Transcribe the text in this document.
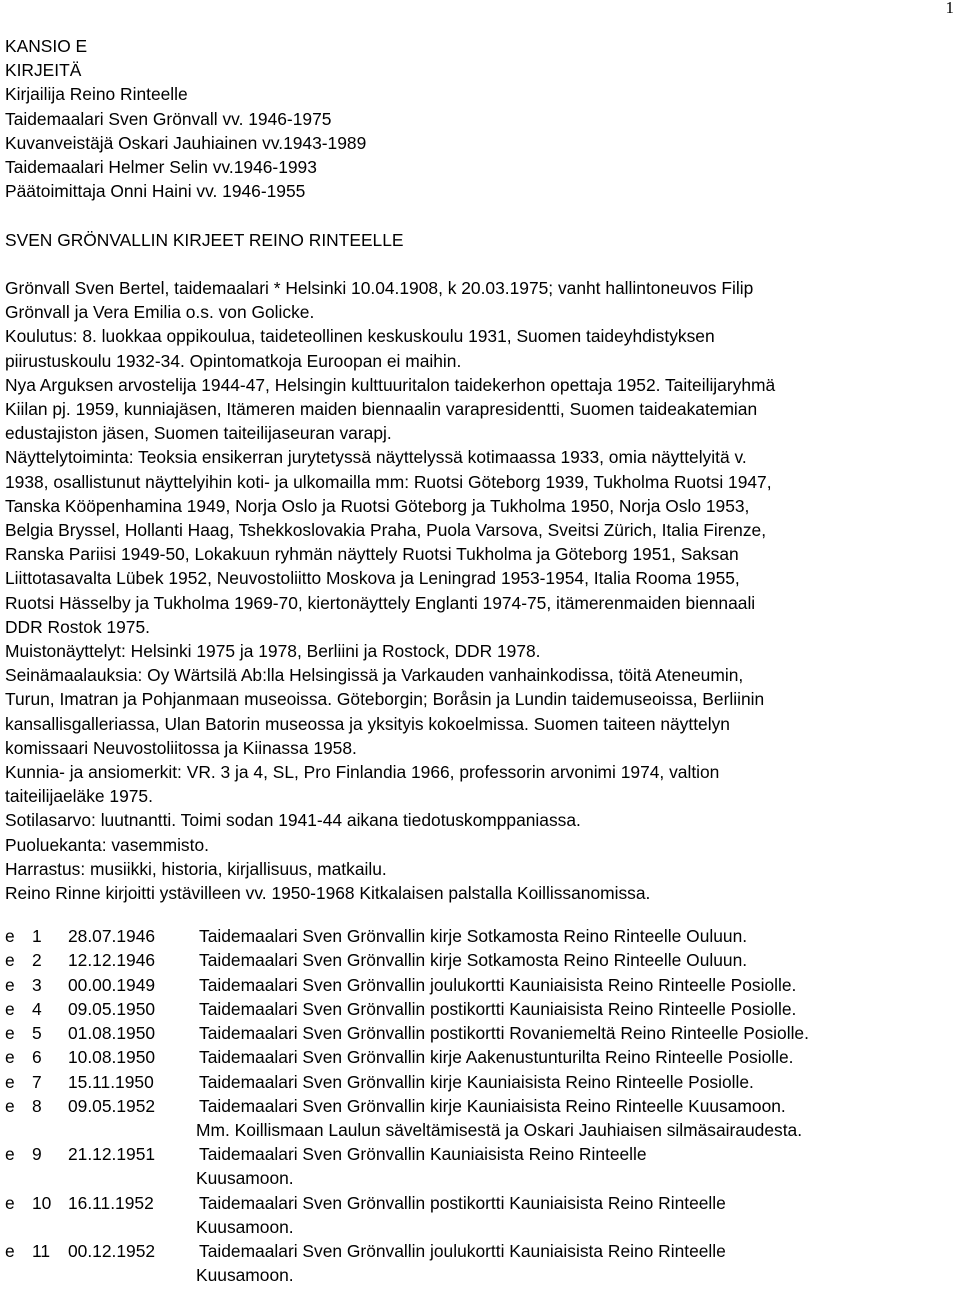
1

KANSIO E

KIRJEITÄ

Kirjailija Reino Rinteelle

Taidemaalari Sven Grönvall vv. 1946-1975

Kuvanveistäjä Oskari Jauhiainen vv.1943-1989

Taidemaalari Helmer Selin vv.1946-1993

Päätoimittaja Onni Haini vv. 1946-1955

SVEN GRÖNVALLIN KIRJEET REINO RINTEELLE

Grönvall Sven Bertel, taidemaalari * Helsinki 10.04.1908, k 20.03.1975; vanht hallintoneuvos Filip

Grönvall ja Vera Emilia o.s. von Golicke.

Koulutus: 8. luokkaa oppikoulua, taideteollinen keskuskoulu 1931, Suomen taideyhdistyksen

piirustuskoulu 1932-34. Opintomatkoja Euroopan ei maihin.

Nya Arguksen arvostelija 1944-47, Helsingin kulttuuritalon taidekerhon opettaja 1952. Taiteilijaryhmä

Kiilan pj. 1959, kunniajäsen, Itämeren maiden biennaalin varapresidentti, Suomen taideakatemian

edustajiston jäsen, Suomen taiteilijaseuran varapj.

Näyttelytoiminta: Teoksia ensikerran jurytetyssä näyttelyssä kotimaassa 1933, omia näyttelyitä v.

1938, osallistunut näyttelyihin koti- ja ulkomailla mm: Ruotsi Göteborg 1939, Tukholma Ruotsi 1947,

Tanska Kööpenhamina 1949, Norja Oslo ja Ruotsi Göteborg ja Tukholma 1950, Norja Oslo 1953,

Belgia Bryssel, Hollanti Haag, Tshekkoslovakia Praha, Puola Varsova, Sveitsi Zürich, Italia Firenze,

Ranska Pariisi 1949-50, Lokakuun ryhmän näyttely Ruotsi Tukholma ja Göteborg 1951, Saksan

Liittotasavalta Lübek 1952, Neuvostoliitto Moskova ja Leningrad 1953-1954, Italia Rooma 1955,

Ruotsi Hässelby ja Tukholma 1969-70, kiertonäyttely Englanti 1974-75, itämerenmaiden biennaali

DDR Rostok 1975.

Muistonäyttelyt: Helsinki 1975 ja 1978, Berliini ja Rostock, DDR 1978.

Seinämaalauksia: Oy Wärtsilä Ab:lla Helsingissä ja Varkauden vanhainkodissa, töitä Ateneumin,

Turun, Imatran ja Pohjanmaan museoissa. Göteborgin; Boråsin ja Lundin taidemuseoissa, Berliinin

kansallisgalleriassa, Ulan Batorin museossa ja yksityis kokoelmissa. Suomen taiteen näyttelyn

komissaari Neuvostoliitossa ja Kiinassa 1958.

Kunnia- ja ansiomerkit: VR. 3 ja 4, SL, Pro Finlandia 1966, professorin arvonimi 1974, valtion

taiteilijaeläke 1975.

Sotilasarvo: luutnantti. Toimi sodan 1941-44 aikana tiedotuskomppaniassa.

Puoluekanta: vasemmisto.

Harrastus: musiikki, historia, kirjallisuus, matkailu.

Reino Rinne kirjoitti ystävilleen vv. 1950-1968 Kitkalaisen palstalla Koillissanomissa.

e 1	28.07.1946	Taidemaalari Sven Grönvallin kirje Sotkamosta Reino Rinteelle Ouluun.
e 2	12.12.1946	Taidemaalari Sven Grönvallin kirje Sotkamosta Reino Rinteelle Ouluun.
e 3	00.00.1949	Taidemaalari Sven Grönvallin joulukortti Kauniaisista Reino Rinteelle Posiolle.
e 4	09.05.1950	Taidemaalari Sven Grönvallin postikortti Kauniaisista Reino Rinteelle Posiolle.
e 5	01.08.1950	Taidemaalari Sven Grönvallin postikortti Rovaniemeltä Reino Rinteelle Posiolle.
e 6	10.08.1950	Taidemaalari Sven Grönvallin kirje Aakenustunturilta Reino Rinteelle Posiolle.
e 7	15.11.1950	Taidemaalari Sven Grönvallin kirje Kauniaisista Reino Rinteelle Posiolle.
e 8	09.05.1952	Taidemaalari Sven Grönvallin kirje Kauniaisista Reino Rinteelle Kuusamoon.
Mm. Koillismaan Laulun säveltämisestä ja Oskari Jauhiaisen silmäsairaudesta.
e 9	21.12.1951	Taidemaalari Sven Grönvallin Kauniaisista Reino Rinteelle
Kuusamoon.
e 10 16.11.1952	Taidemaalari Sven Grönvallin postikortti Kauniaisista Reino Rinteelle
Kuusamoon.
e 11	00.12.1952	Taidemaalari Sven Grönvallin joulukortti Kauniaisista Reino Rinteelle
Kuusamoon.
